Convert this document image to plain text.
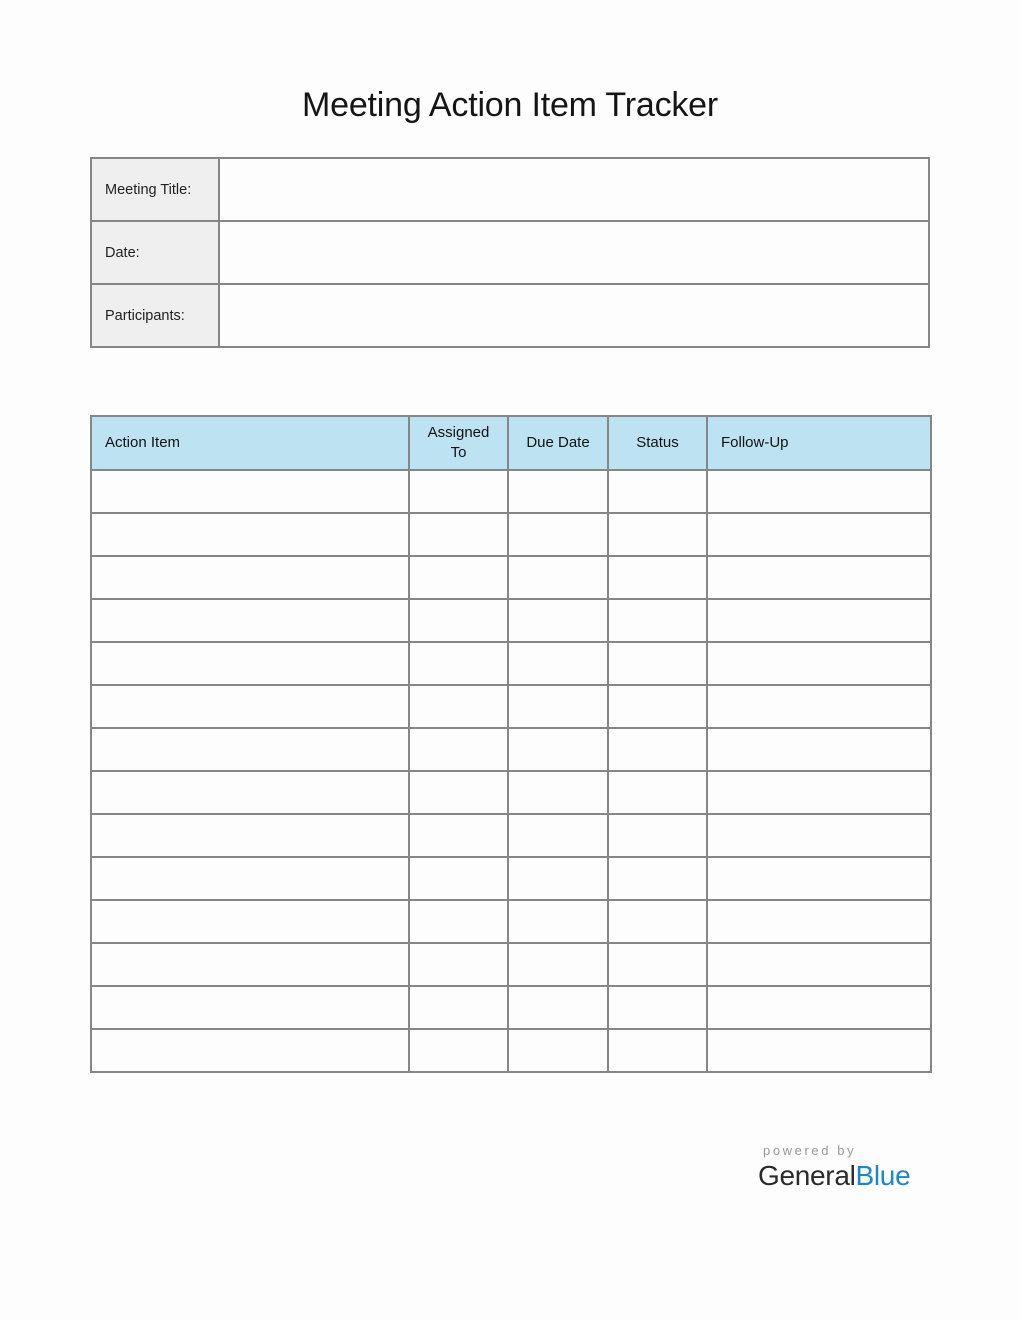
Meeting Action Item Tracker
Meeting Title:	
Date:	
Participants:	
Action Item	Assigned To	Due Date	Status	Follow-Up

powered by
GeneralBlue
